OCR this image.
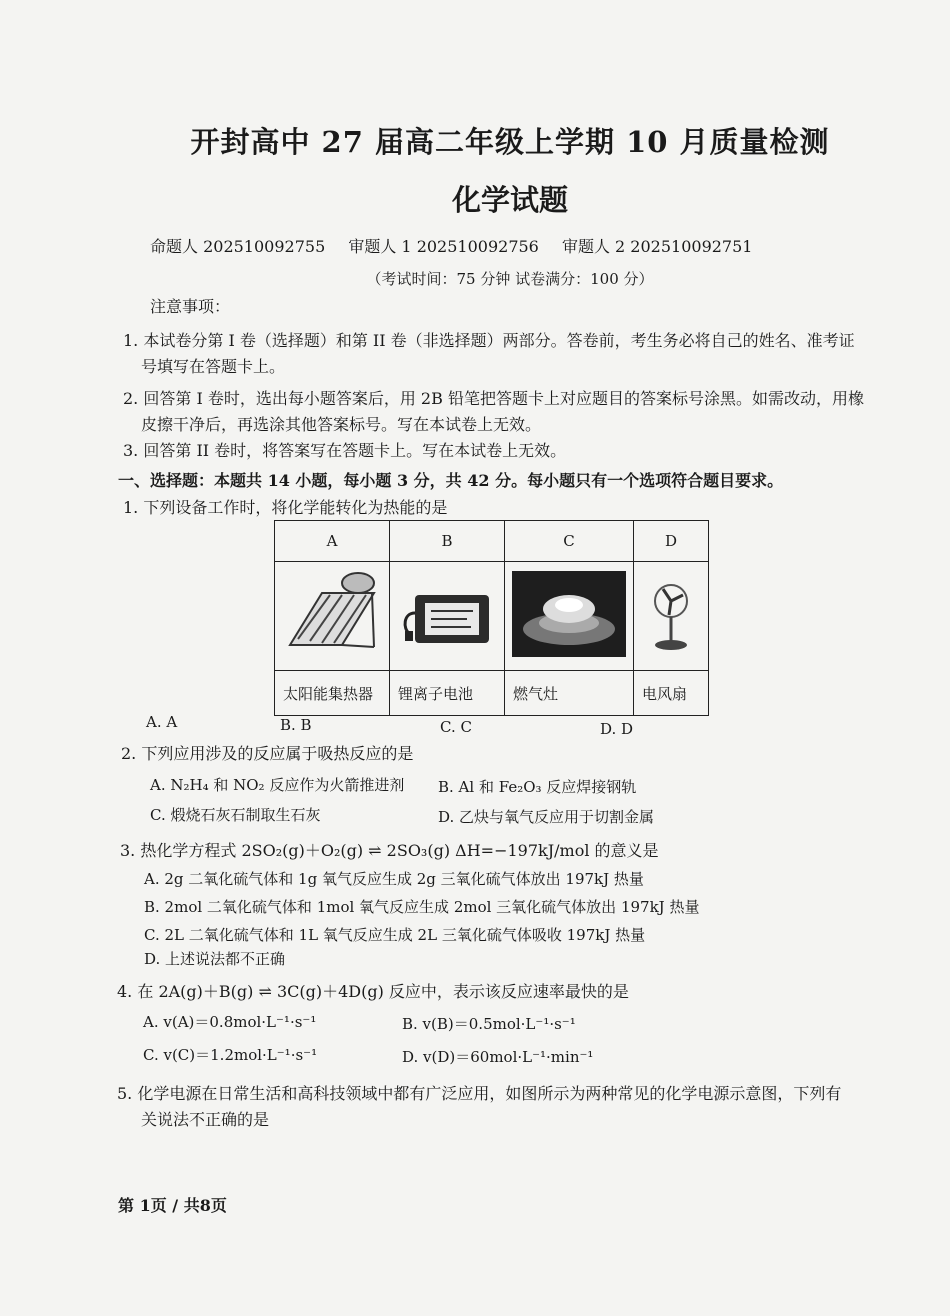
开封高中 27 届高二年级上学期 10 月质量检测
化学试题
命题人 202510092755 审题人 1 202510092756 审题人 2 202510092751
（考试时间：75 分钟 试卷满分：100 分）
注意事项：
1. 本试卷分第 I 卷（选择题）和第 II 卷（非选择题）两部分。答卷前，考生务必将自己的姓名、准考证
号填写在答题卡上。
2. 回答第 I 卷时，选出每小题答案后，用 2B 铅笔把答题卡上对应题目的答案标号涂黑。如需改动，用橡
皮擦干净后，再选涂其他答案标号。写在本试卷上无效。
3. 回答第 II 卷时，将答案写在答题卡上。写在本试卷上无效。
一、选择题：本题共 14 小题，每小题 3 分，共 42 分。每小题只有一个选项符合题目要求。
1. 下列设备工作时，将化学能转化为热能的是
A	B	C	D

太阳能集热器	锂离子电池	燃气灶	电风扇
A. A	B. B	C. C	D. D
2. 下列应用涉及的反应属于吸热反应的是
A. N₂H₄ 和 NO₂ 反应作为火箭推进剂 B. Al 和 Fe₂O₃ 反应焊接钢轨
C. 煅烧石灰石制取生石灰	D. 乙炔与氧气反应用于切割金属
3. 热化学方程式 2SO₂(g)＋O₂(g) ⇌ 2SO₃(g) ΔH=−197kJ/mol 的意义是
A. 2g 二氧化硫气体和 1g 氧气反应生成 2g 三氧化硫气体放出 197kJ 热量
B. 2mol 二氧化硫气体和 1mol 氧气反应生成 2mol 三氧化硫气体放出 197kJ 热量
C. 2L 二氧化硫气体和 1L 氧气反应生成 2L 三氧化硫气体吸收 197kJ 热量
D. 上述说法都不正确
4. 在 2A(g)＋B(g) ⇌ 3C(g)＋4D(g) 反应中，表示该反应速率最快的是
A. v(A)＝0.8mol·L⁻¹·s⁻¹	B. v(B)＝0.5mol·L⁻¹·s⁻¹
C. v(C)＝1.2mol·L⁻¹·s⁻¹	D. v(D)＝60mol·L⁻¹·min⁻¹
5. 化学电源在日常生活和高科技领域中都有广泛应用，如图所示为两种常见的化学电源示意图，下列有
关说法不正确的是
第 1页 / 共8页
